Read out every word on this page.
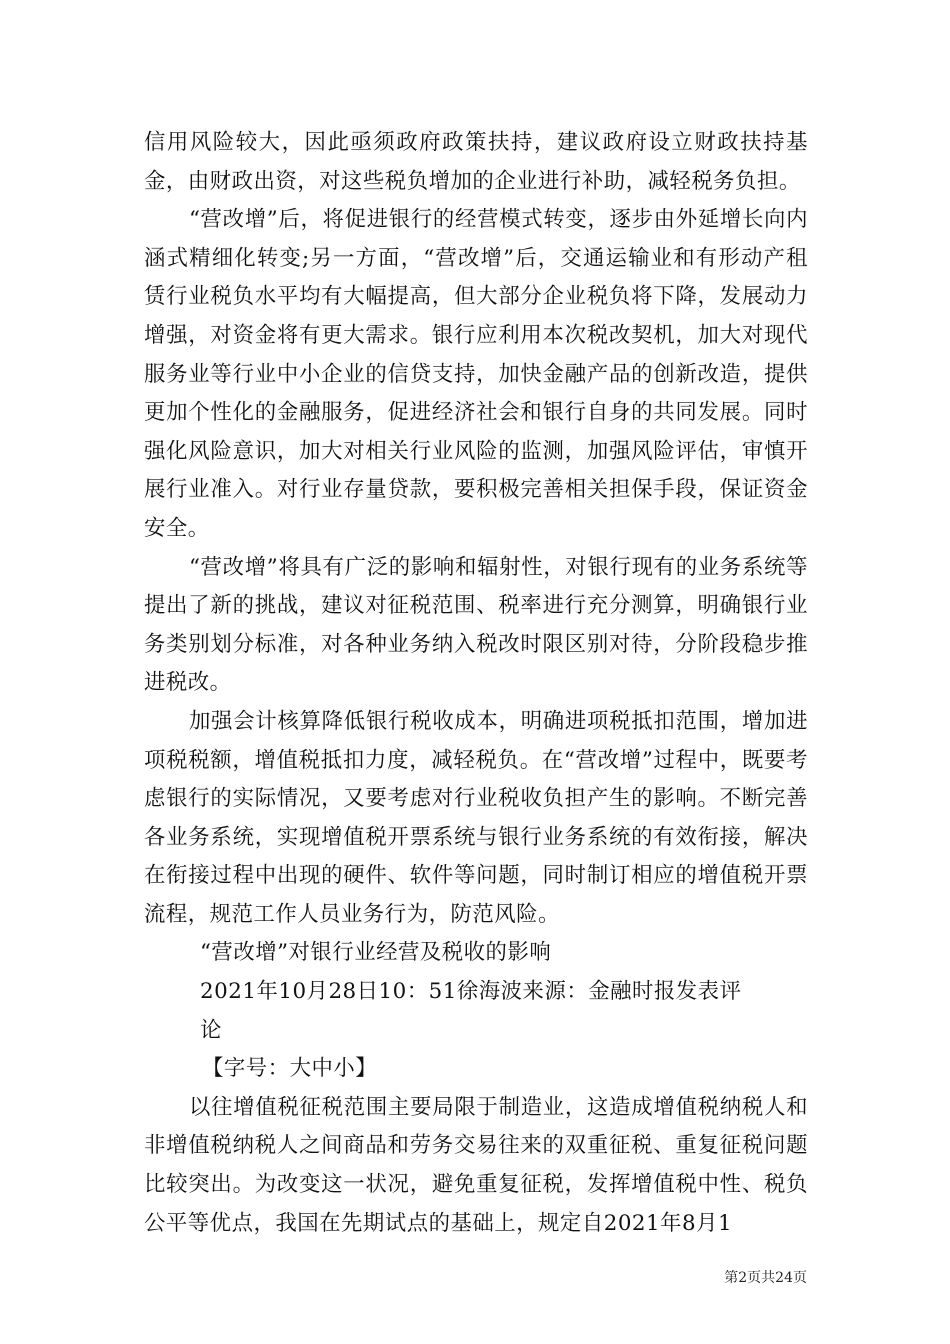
信用风险较大，因此亟须政府政策扶持，建议政府设立财政扶持基金，由财政出资，对这些税负增加的企业进行补助，减轻税务负担。

“营改增”后，将促进银行的经营模式转变，逐步由外延增长向内涵式精细化转变;另一方面，“营改增”后，交通运输业和有形动产租赁行业税负水平均有大幅提高，但大部分企业税负将下降，发展动力增强，对资金将有更大需求。银行应利用本次税改契机，加大对现代服务业等行业中小企业的信贷支持，加快金融产品的创新改造，提供更加个性化的金融服务，促进经济社会和银行自身的共同发展。同时强化风险意识，加大对相关行业风险的监测，加强风险评估，审慎开展行业准入。对行业存量贷款，要积极完善相关担保手段，保证资金安全。

“营改增”将具有广泛的影响和辐射性，对银行现有的业务系统等提出了新的挑战，建议对征税范围、税率进行充分测算，明确银行业务类别划分标准，对各种业务纳入税改时限区别对待，分阶段稳步推进税改。

加强会计核算降低银行税收成本，明确进项税抵扣范围，增加进项税税额，增值税抵扣力度，减轻税负。在“营改增”过程中，既要考虑银行的实际情况，又要考虑对行业税收负担产生的影响。不断完善各业务系统，实现增值税开票系统与银行业务系统的有效衔接，解决在衔接过程中出现的硬件、软件等问题，同时制订相应的增值税开票流程，规范工作人员业务行为，防范风险。

“营改增”对银行业经营及税收的影响

2021年10月28日10：51徐海波来源：金融时报发表评

论

【字号：大中小】

以往增值税征税范围主要局限于制造业，这造成增值税纳税人和非增值税纳税人之间商品和劳务交易往来的双重征税、重复征税问题比较突出。为改变这一状况，避免重复征税，发挥增值税中性、税负公平等优点，我国在先期试点的基础上，规定自2021年8月1

第2页共24页
